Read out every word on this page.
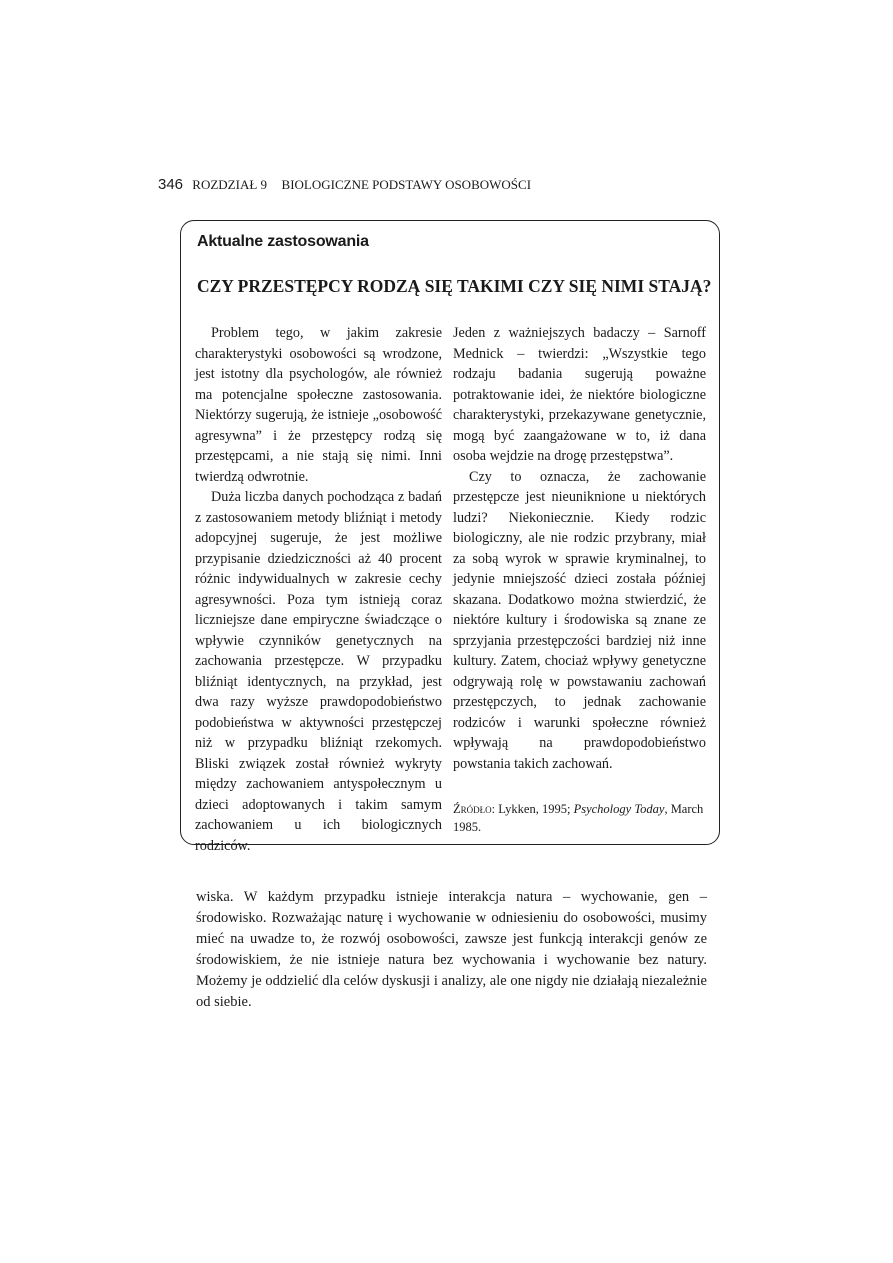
346 ROZDZIAŁ 9 BIOLOGICZNE PODSTAWY OSOBOWOŚCI
Aktualne zastosowania
CZY PRZESTĘPCY RODZĄ SIĘ TAKIMI CZY SIĘ NIMI STAJĄ?

Problem tego, w jakim zakresie charakterystyki osobowości są wrodzone, jest istotny dla psychologów, ale również ma potencjalne społeczne zastosowania. Niektórzy sugerują, że istnieje „osobowość agresywna” i że przestępcy rodzą się przestępcami, a nie stają się nimi. Inni twierdzą odwrotnie.

Duża liczba danych pochodząca z badań z zastosowaniem metody bliźniąt i metody adopcyjnej sugeruje, że jest możliwe przypisanie dziedziczności aż 40 procent różnic indywidualnych w zakresie cechy agresywności. Poza tym istnieją coraz liczniejsze dane empiryczne świadczące o wpływie czynników genetycznych na zachowania przestępcze. W przypadku bliźniąt identycznych, na przykład, jest dwa razy wyższe prawdopodobieństwo podobieństwa w aktywności przestępczej niż w przypadku bliźniąt rzekomych. Bliski związek został również wykryty między zachowaniem antyspołecznym u dzieci adoptowanych i takim samym zachowaniem u ich biologicznych rodziców.

Jeden z ważniejszych badaczy – Sarnoff Mednick – twierdzi: „Wszystkie tego rodzaju badania sugerują poważne potraktowanie idei, że niektóre biologiczne charakterystyki, przekazywane genetycznie, mogą być zaangażowane w to, iż dana osoba wejdzie na drogę przestępstwa”.

Czy to oznacza, że zachowanie przestępcze jest nieuniknione u niektórych ludzi? Niekoniecznie. Kiedy rodzic biologiczny, ale nie rodzic przybrany, miał za sobą wyrok w sprawie kryminalnej, to jedynie mniejszość dzieci została później skazana. Dodatkowo można stwierdzić, że niektóre kultury i środowiska są znane ze sprzyjania przestępczości bardziej niż inne kultury. Zatem, chociaż wpływy genetyczne odgrywają rolę w powstawaniu zachowań przestępczych, to jednak zachowanie rodziców i warunki społeczne również wpływają na prawdopodobieństwo powstania takich zachowań.

Źródło: Lykken, 1995; Psychology Today, March 1985.

wiska. W każdym przypadku istnieje interakcja natura – wychowanie, gen – środowisko. Rozważając naturę i wychowanie w odniesieniu do osobowości, musimy mieć na uwadze to, że rozwój osobowości, zawsze jest funkcją interakcji genów ze środowiskiem, że nie istnieje natura bez wychowania i wychowanie bez natury. Możemy je oddzielić dla celów dyskusji i analizy, ale one nigdy nie działają niezależnie od siebie.
